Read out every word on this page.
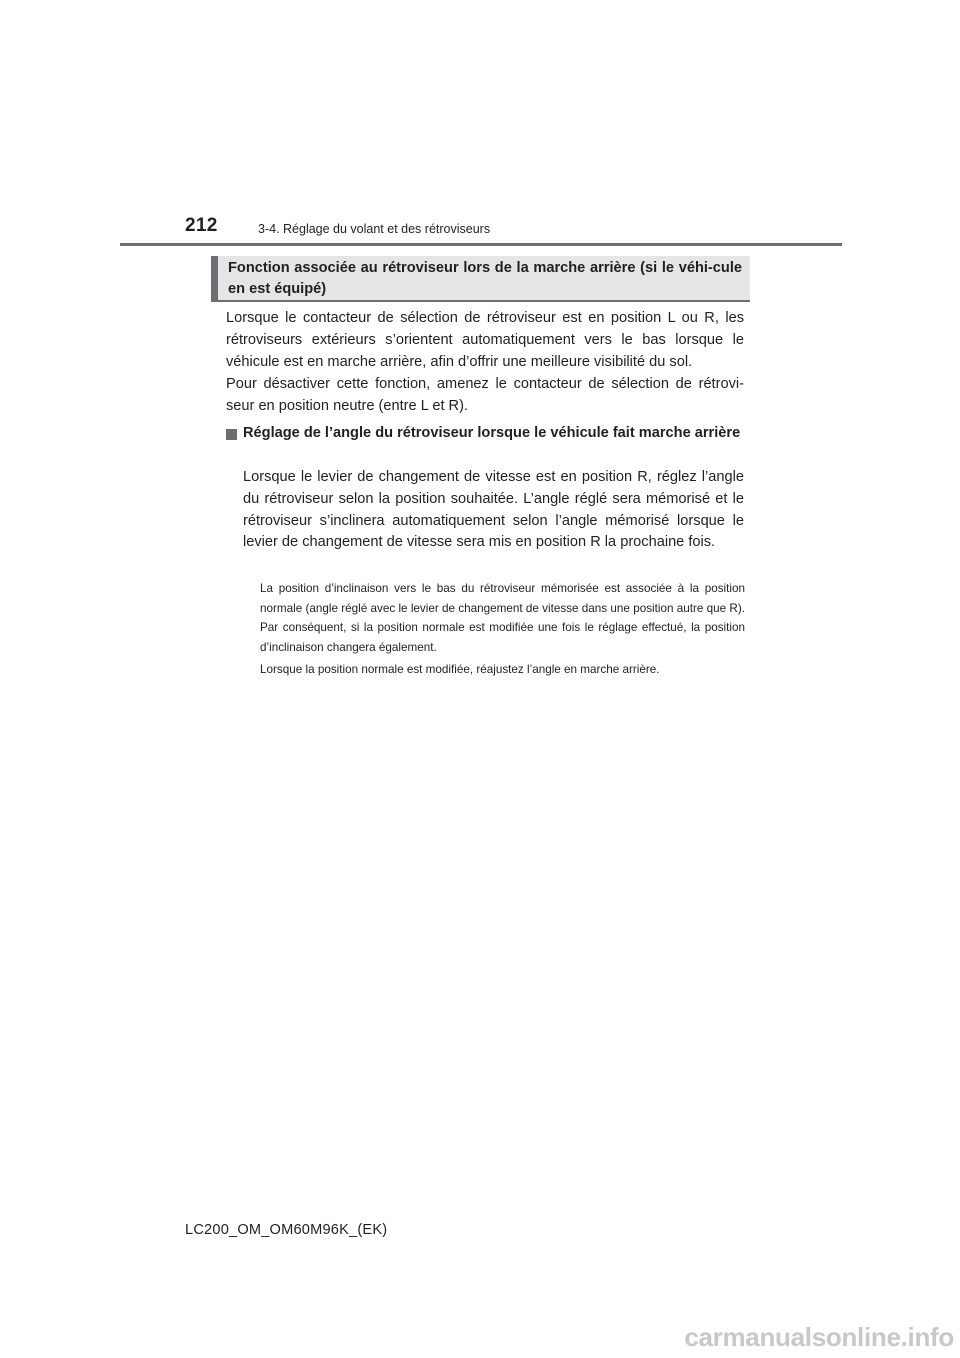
212	3-4. Réglage du volant et des rétroviseurs
Fonction associée au rétroviseur lors de la marche arrière (si le véhi-cule en est équipé)

Lorsque le contacteur de sélection de rétroviseur est en position L ou R, les rétroviseurs extérieurs s’orientent automatiquement vers le bas lorsque le véhicule est en marche arrière, afin d’offrir une meilleure visibilité du sol.

Pour désactiver cette fonction, amenez le contacteur de sélection de rétrovi-seur en position neutre (entre L et R).

Réglage de l’angle du rétroviseur lorsque le véhicule fait marche arrière

Lorsque le levier de changement de vitesse est en position R, réglez l’angle du rétroviseur selon la position souhaitée. L’angle réglé sera mémorisé et le rétroviseur s’inclinera automatiquement selon l’angle mémorisé lorsque le levier de changement de vitesse sera mis en position R la prochaine fois.

La position d’inclinaison vers le bas du rétroviseur mémorisée est associée à la position normale (angle réglé avec le levier de changement de vitesse dans une position autre que R). Par conséquent, si la position normale est modifiée une fois le réglage effectué, la position d’inclinaison changera également.

Lorsque la position normale est modifiée, réajustez l’angle en marche arrière.

LC200_OM_OM60M96K_(EK)
carmanualsonline.info
